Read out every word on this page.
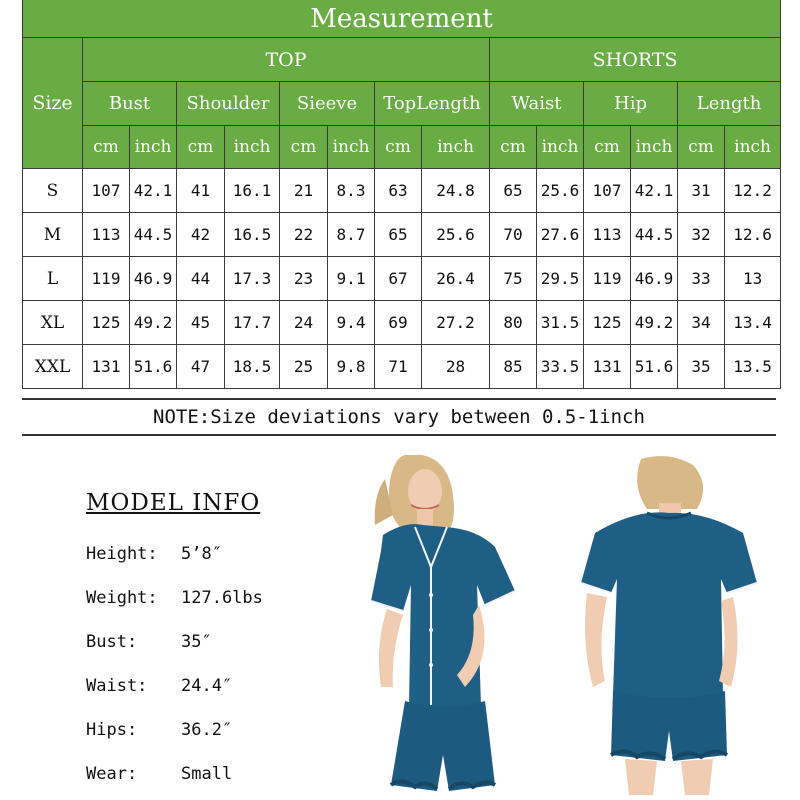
Measurement														
Size	TOP								SHORTS					
	Bust		Shoulder		Sieeve		TopLength		Waist		Hip		Length	
	cm	inch	cm	inch	cm	inch	cm	inch	cm	inch	cm	inch	cm	inch
S	107	42.1	41	16.1	21	8.3	63	24.8	65	25.6	107	42.1	31	12.2
M	113	44.5	42	16.5	22	8.7	65	25.6	70	27.6	113	44.5	32	12.6
L	119	46.9	44	17.3	23	9.1	67	26.4	75	29.5	119	46.9	33	13
XL	125	49.2	45	17.7	24	9.4	69	27.2	80	31.5	125	49.2	34	13.4
XXL	131	51.6	47	18.5	25	9.8	71	28	85	33.5	131	51.6	35	13.5
NOTE:Size deviations vary between 0.5-1inch
MODEL INFO
Height: 5’8″
Weight: 127.6lbs
Bust:	35″
Waist: 24.4″
Hips:	36.2″
Wear:	Small
